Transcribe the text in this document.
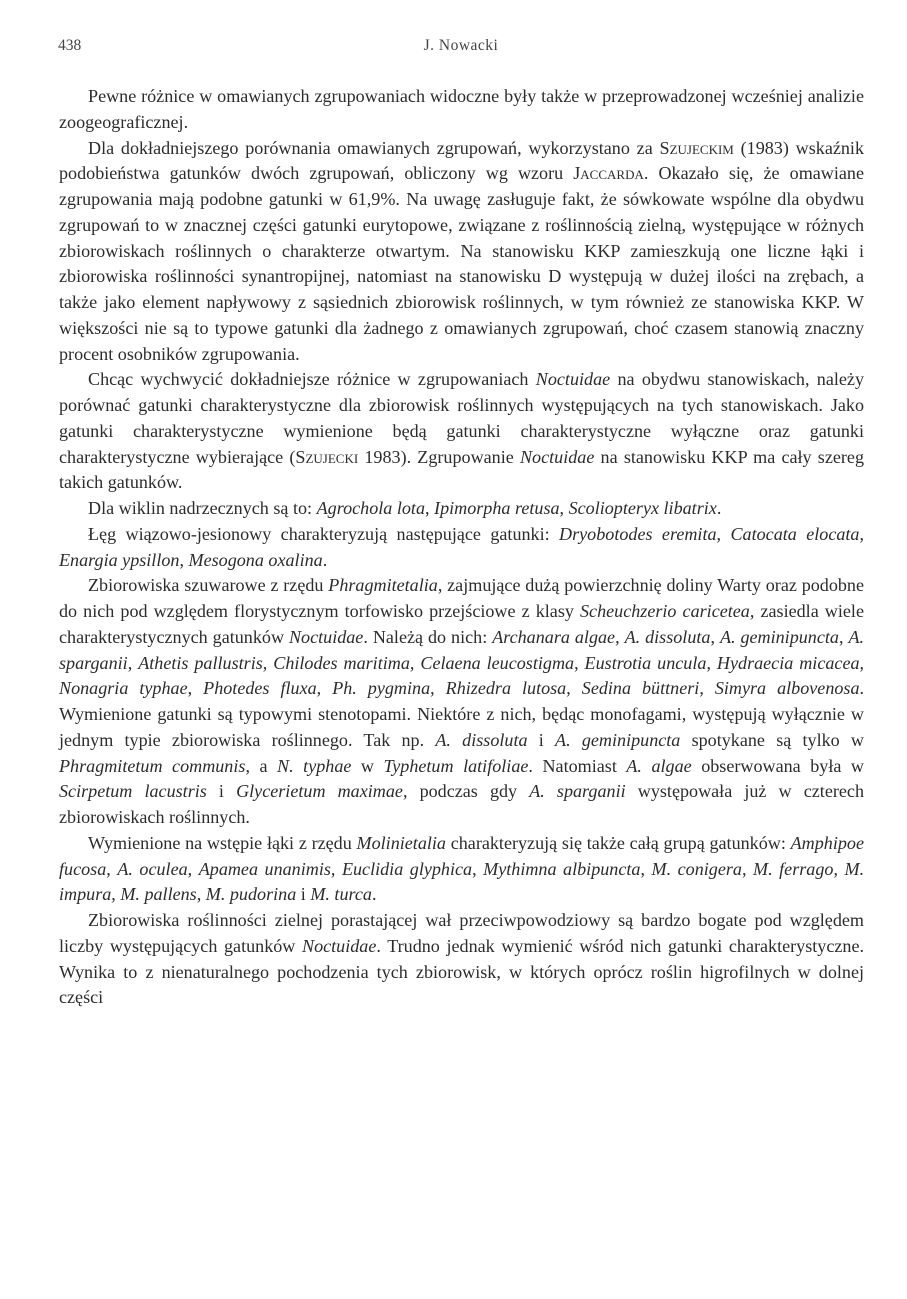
438	J. Nowacki

Pewne różnice w omawianych zgrupowaniach widoczne były także w przeprowadzonej wcześniej analizie zoogeograficznej.

Dla dokładniejszego porównania omawianych zgrupowań, wykorzystano za Szujeckim (1983) wskaźnik podobieństwa gatunków dwóch zgrupowań, obliczony wg wzoru Jaccarda. Okazało się, że omawiane zgrupowania mają podobne gatunki w 61,9%. Na uwagę zasługuje fakt, że sówkowate wspólne dla obydwu zgrupowań to w znacznej części gatunki eurytopowe, związane z roślinnością zielną, występujące w różnych zbiorowiskach roślinnych o charakterze otwartym. Na stanowisku KKP zamieszkują one liczne łąki i zbiorowiska roślinności synantropijnej, natomiast na stanowisku D występują w dużej ilości na zrębach, a także jako element napływowy z sąsiednich zbiorowisk roślinnych, w tym również ze stanowiska KKP. W większości nie są to typowe gatunki dla żadnego z omawianych zgrupowań, choć czasem stanowią znaczny procent osobników zgrupowania.

Chcąc wychwycić dokładniejsze różnice w zgrupowaniach Noctuidae na obydwu stanowiskach, należy porównać gatunki charakterystyczne dla zbiorowisk roślinnych występujących na tych stanowiskach. Jako gatunki charakterystyczne wymienione będą gatunki charakterystyczne wyłączne oraz gatunki charakterystyczne wybierające (Szujecki 1983). Zgrupowanie Noctuidae na stanowisku KKP ma cały szereg takich gatunków.

Dla wiklin nadrzecznych są to: Agrochola lota, Ipimorpha retusa, Scoliopteryx libatrix.

Łęg wiązowo-jesionowy charakteryzują następujące gatunki: Dryobotodes eremita, Catocata elocata, Enargia ypsillon, Mesogona oxalina.

Zbiorowiska szuwarowe z rzędu Phragmitetalia, zajmujące dużą powierzchnię doliny Warty oraz podobne do nich pod względem florystycznym torfowisko przejściowe z klasy Scheuchzerio caricetea, zasiedla wiele charakterystycznych gatunków Noctuidae. Należą do nich: Archanara algae, A. dissoluta, A. geminipuncta, A. sparganii, Athetis pallustris, Chilodes maritima, Celaena leucostigma, Eustrotia uncula, Hydraecia micacea, Nonagria typhae, Photedes fluxa, Ph. pygmina, Rhizedra lutosa, Sedina büttneri, Simyra albovenosa. Wymienione gatunki są typowymi stenotopami. Niektóre z nich, będąc monofagami, występują wyłącznie w jednym typie zbiorowiska roślinnego. Tak np. A. dissoluta i A. geminipuncta spotykane są tylko w Phragmitetum communis, a N. typhae w Typhetum latifoliae. Natomiast A. algae obserwowana była w Scirpetum lacustris i Glycerietum maximae, podczas gdy A. sparganii występowała już w czterech zbiorowiskach roślinnych.

Wymienione na wstępie łąki z rzędu Molinietalia charakteryzują się także całą grupą gatunków: Amphipoe fucosa, A. oculea, Apamea unanimis, Euclidia glyphica, Mythimna albipuncta, M. conigera, M. ferrago, M. impura, M. pallens, M. pudorina i M. turca.

Zbiorowiska roślinności zielnej porastającej wał przeciwpowodziowy są bardzo bogate pod względem liczby występujących gatunków Noctuidae. Trudno jednak wymienić wśród nich gatunki charakterystyczne. Wynika to z nienaturalnego pochodzenia tych zbiorowisk, w których oprócz roślin higrofilnych w dolnej części
